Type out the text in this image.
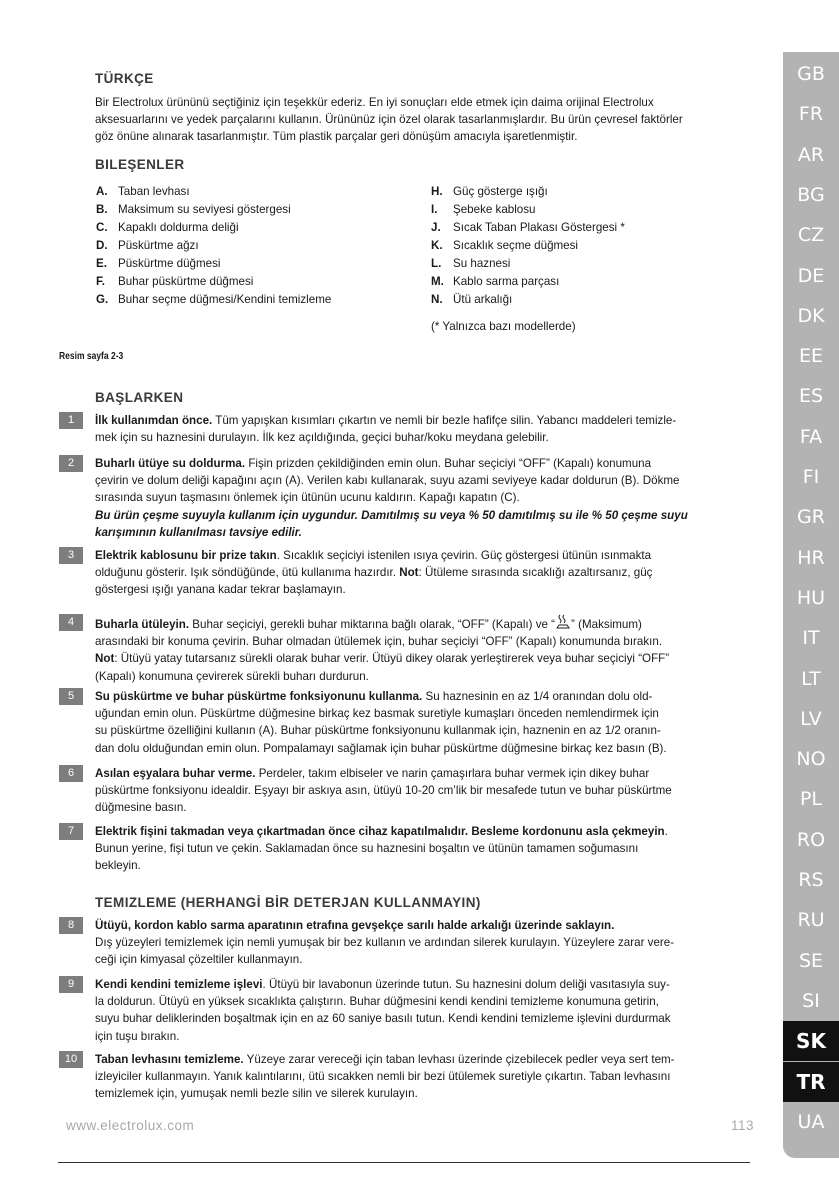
TÜRKÇE
Bir Electrolux ürününü seçtiğiniz için teşekkür ederiz. En iyi sonuçları elde etmek için daima orijinal Electrolux
aksesuarlarını ve yedek parçalarını kullanın. Ürününüz için özel olarak tasarlanmışlardır. Bu ürün çevresel faktörler
göz önüne alınarak tasarlanmıştır. Tüm plastik parçalar geri dönüşüm amacıyla işaretlenmiştir.
BILEŞENLER
A. Taban levhası
B. Maksimum su seviyesi göstergesi
C. Kapaklı doldurma deliği
D. Püskürtme ağzı
E. Püskürtme düğmesi
F. Buhar püskürtme düğmesi
G. Buhar seçme düğmesi/Kendini temizleme
H. Güç gösterge ışığı
I. Şebeke kablosu
J. Sıcak Taban Plakası Göstergesi *
K. Sıcaklık seçme düğmesi
L. Su haznesi
M. Kablo sarma parçası
N. Ütü arkalığı
(* Yalnızca bazı modellerde)
Resim sayfa 2-3
BAŞLARKEN
1	İlk kullanımdan önce. Tüm yapışkan kısımları çıkartın ve nemli bir bezle hafifçe silin. Yabancı maddeleri temizle-
mek için su haznesini durulayın. İlk kez açıldığında, geçici buhar/koku meydana gelebilir.
2	Buharlı ütüye su doldurma. Fişin prizden çekildiğinden emin olun. Buhar seçiciyi “OFF” (Kapalı) konumuna
çevirin ve dolum deliği kapağını açın (A). Verilen kabı kullanarak, suyu azami seviyeye kadar doldurun (B). Dökme
sırasında suyun taşmasını önlemek için ütünün ucunu kaldırın. Kapağı kapatın (C).
Bu ürün çeşme suyuyla kullanım için uygundur. Damıtılmış su veya % 50 damıtılmış su ile % 50 çeşme suyu
karışımının kullanılması tavsiye edilir.
3	Elektrik kablosunu bir prize takın. Sıcaklık seçiciyi istenilen ısıya çevirin. Güç göstergesi ütünün ısınmakta
olduğunu gösterir. Işık söndüğünde, ütü kullanıma hazırdır. Not: Ütüleme sırasında sıcaklığı azaltırsanız, güç
göstergesi ışığı yanana kadar tekrar başlamayın.
4	Buharla ütüleyin. Buhar seçiciyi, gerekli buhar miktarına bağlı olarak, “OFF” (Kapalı) ve “ ” (Maksimum)
arasındaki bir konuma çevirin. Buhar olmadan ütülemek için, buhar seçiciyi “OFF” (Kapalı) konumunda bırakın.
Not: Ütüyü yatay tutarsanız sürekli olarak buhar verir. Ütüyü dikey olarak yerleştirerek veya buhar seçiciyi “OFF”
(Kapalı) konumuna çevirerek sürekli buharı durdurun.
5	Su püskürtme ve buhar püskürtme fonksiyonunu kullanma. Su haznesinin en az 1/4 oranından dolu old-
uğundan emin olun. Püskürtme düğmesine birkaç kez basmak suretiyle kumaşları önceden nemlendirmek için
su püskürtme özelliğini kullanın (A). Buhar püskürtme fonksiyonunu kullanmak için, haznenin en az 1/2 oranın-
dan dolu olduğundan emin olun. Pompalamayı sağlamak için buhar püskürtme düğmesine birkaç kez basın (B).
6	Asılan eşyalara buhar verme. Perdeler, takım elbiseler ve narin çamaşırlara buhar vermek için dikey buhar
püskürtme fonksiyonu idealdir. Eşyayı bir askıya asın, ütüyü 10-20 cm’lik bir mesafede tutun ve buhar püskürtme
düğmesine basın.
7	Elektrik fişini takmadan veya çıkartmadan önce cihaz kapatılmalıdır. Besleme kordonunu asla çekmeyin.
Bunun yerine, fişi tutun ve çekin. Saklamadan önce su haznesini boşaltın ve ütünün tamamen soğumasını
bekleyin.
TEMIZLEME (HERHANGİ BİR DETERJAN KULLANMAYIN)
8	Ütüyü, kordon kablo sarma aparatının etrafına gevşekçe sarılı halde arkalığı üzerinde saklayın.
Dış yüzeyleri temizlemek için nemli yumuşak bir bez kullanın ve ardından silerek kurulayın. Yüzeylere zarar vere-
ceği için kimyasal çözeltiler kullanmayın.
9	Kendi kendini temizleme işlevi. Ütüyü bir lavabonun üzerinde tutun. Su haznesini dolum deliği vasıtasıyla suy-
la doldurun. Ütüyü en yüksek sıcaklıkta çalıştırın. Buhar düğmesini kendi kendini temizleme konumuna getirin,
suyu buhar deliklerinden boşaltmak için en az 60 saniye basılı tutun. Kendi kendini temizleme işlevini durdurmak
için tuşu bırakın.
10	Taban levhasını temizleme. Yüzeye zarar vereceği için taban levhası üzerinde çizebilecek pedler veya sert tem-
izleyiciler kullanmayın. Yanık kalıntılarını, ütü sıcakken nemli bir bezi ütülemek suretiyle çıkartın. Taban levhasını
temizlemek için, yumuşak nemli bezle silin ve silerek kurulayın.
GB
FR
AR
BG
CZ
DE
DK
EE
ES
FA
FI
GR
HR
HU
IT
LT
LV
NO
PL
RO
RS
RU
SE
SI
SK
TR
UA
www.electrolux.com	113
